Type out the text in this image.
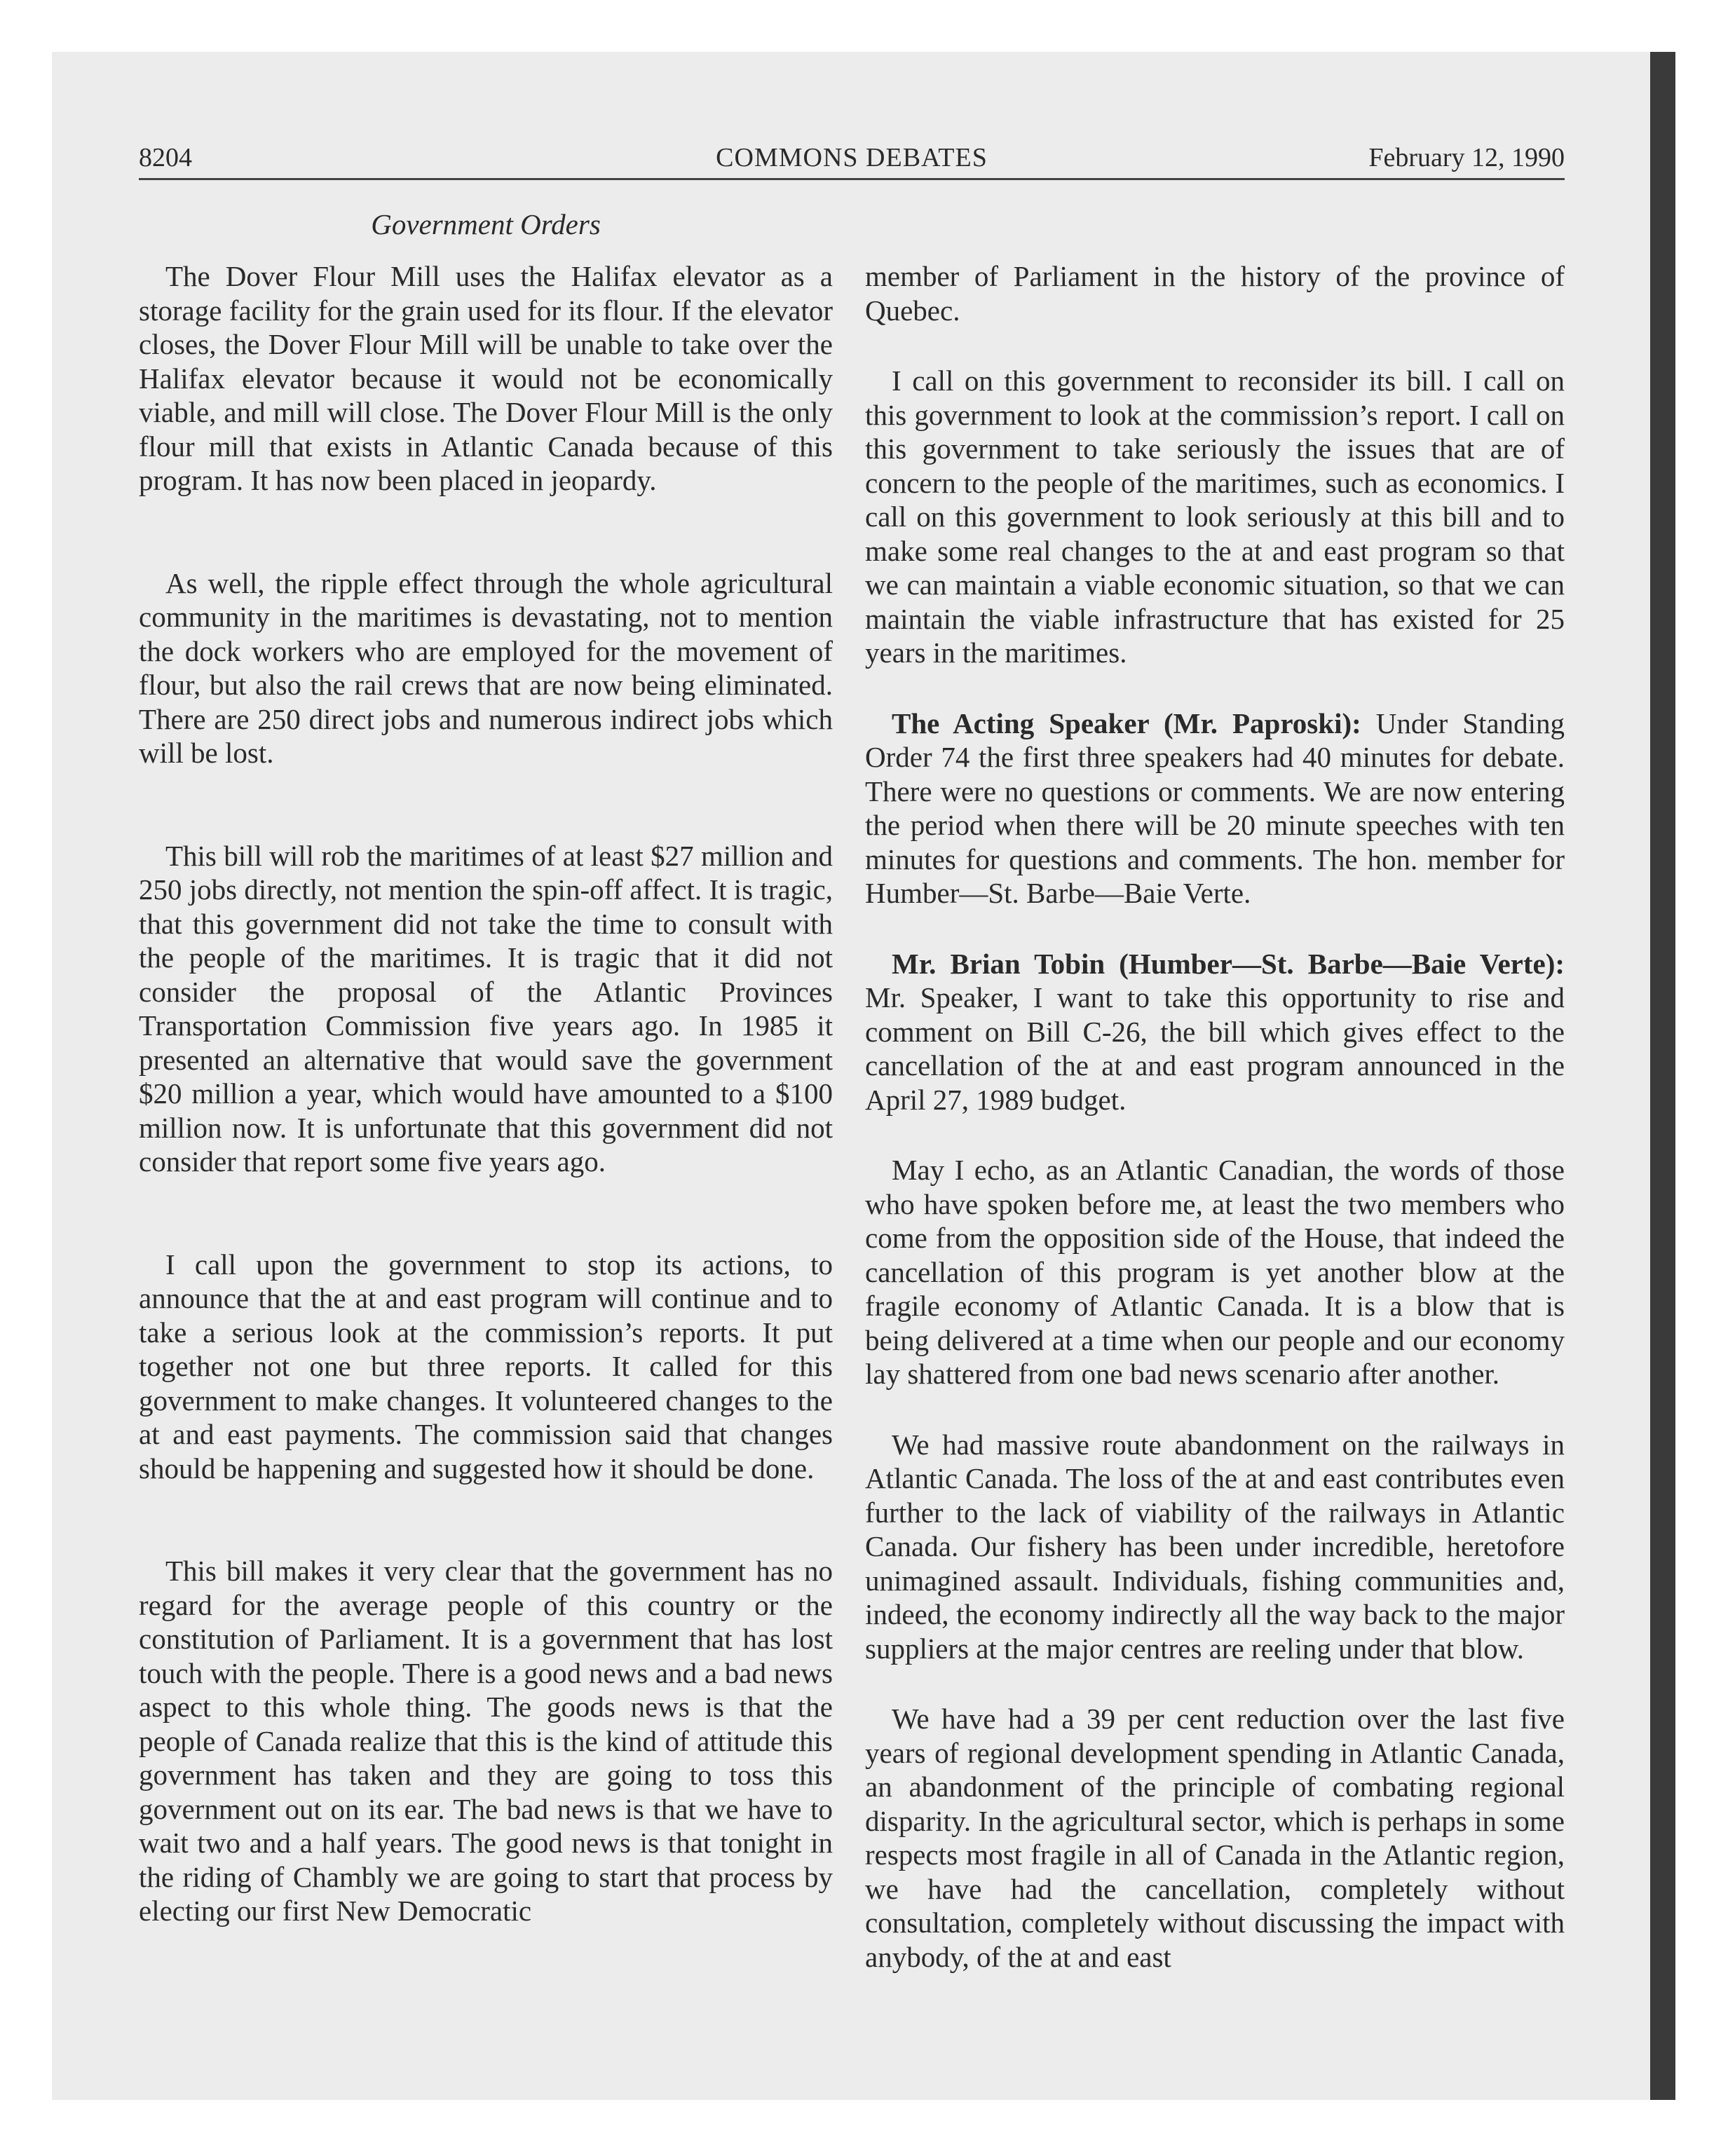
8204	COMMONS DEBATES	February 12, 1990
Government Orders

The Dover Flour Mill uses the Halifax elevator as a storage facility for the grain used for its flour. If the elevator closes, the Dover Flour Mill will be unable to take over the Halifax elevator because it would not be economically viable, and mill will close. The Dover Flour Mill is the only flour mill that exists in Atlantic Canada because of this program. It has now been placed in jeopardy.

As well, the ripple effect through the whole agricultural community in the maritimes is devastating, not to mention the dock workers who are employed for the movement of flour, but also the rail crews that are now being eliminated. There are 250 direct jobs and numerous indirect jobs which will be lost.

This bill will rob the maritimes of at least $27 million and 250 jobs directly, not mention the spin-off affect. It is tragic, that this government did not take the time to consult with the people of the maritimes. It is tragic that it did not consider the proposal of the Atlantic Provinces Transportation Commission five years ago. In 1985 it presented an alternative that would save the government $20 million a year, which would have amounted to a $100 million now. It is unfortunate that this government did not consider that report some five years ago.

I call upon the government to stop its actions, to announce that the at and east program will continue and to take a serious look at the commission’s reports. It put together not one but three reports. It called for this government to make changes. It volunteered changes to the at and east payments. The commission said that changes should be happening and suggested how it should be done.

This bill makes it very clear that the government has no regard for the average people of this country or the constitution of Parliament. It is a government that has lost touch with the people. There is a good news and a bad news aspect to this whole thing. The goods news is that the people of Canada realize that this is the kind of attitude this government has taken and they are going to toss this government out on its ear. The bad news is that we have to wait two and a half years. The good news is that tonight in the riding of Chambly we are going to start that process by electing our first New Democratic

member of Parliament in the history of the province of Quebec.

I call on this government to reconsider its bill. I call on this government to look at the commission’s report. I call on this government to take seriously the issues that are of concern to the people of the maritimes, such as economics. I call on this government to look seriously at this bill and to make some real changes to the at and east program so that we can maintain a viable economic situation, so that we can maintain the viable infrastructure that has existed for 25 years in the maritimes.

The Acting Speaker (Mr. Paproski): Under Standing Order 74 the first three speakers had 40 minutes for debate. There were no questions or comments. We are now entering the period when there will be 20 minute speeches with ten minutes for questions and comments. The hon. member for Humber—St. Barbe—Baie Verte.

Mr. Brian Tobin (Humber—St. Barbe—Baie Verte): Mr. Speaker, I want to take this opportunity to rise and comment on Bill C-26, the bill which gives effect to the cancellation of the at and east program announced in the April 27, 1989 budget.

May I echo, as an Atlantic Canadian, the words of those who have spoken before me, at least the two members who come from the opposition side of the House, that indeed the cancellation of this program is yet another blow at the fragile economy of Atlantic Canada. It is a blow that is being delivered at a time when our people and our economy lay shattered from one bad news scenario after another.

We had massive route abandonment on the railways in Atlantic Canada. The loss of the at and east contributes even further to the lack of viability of the railways in Atlantic Canada. Our fishery has been under incredible, heretofore unimagined assault. Individuals, fishing communities and, indeed, the economy indirectly all the way back to the major suppliers at the major centres are reeling under that blow.

We have had a 39 per cent reduction over the last five years of regional development spending in Atlantic Canada, an abandonment of the principle of combating regional disparity. In the agricultural sector, which is perhaps in some respects most fragile in all of Canada in the Atlantic region, we have had the cancellation, completely without consultation, completely without discussing the impact with anybody, of the at and east
